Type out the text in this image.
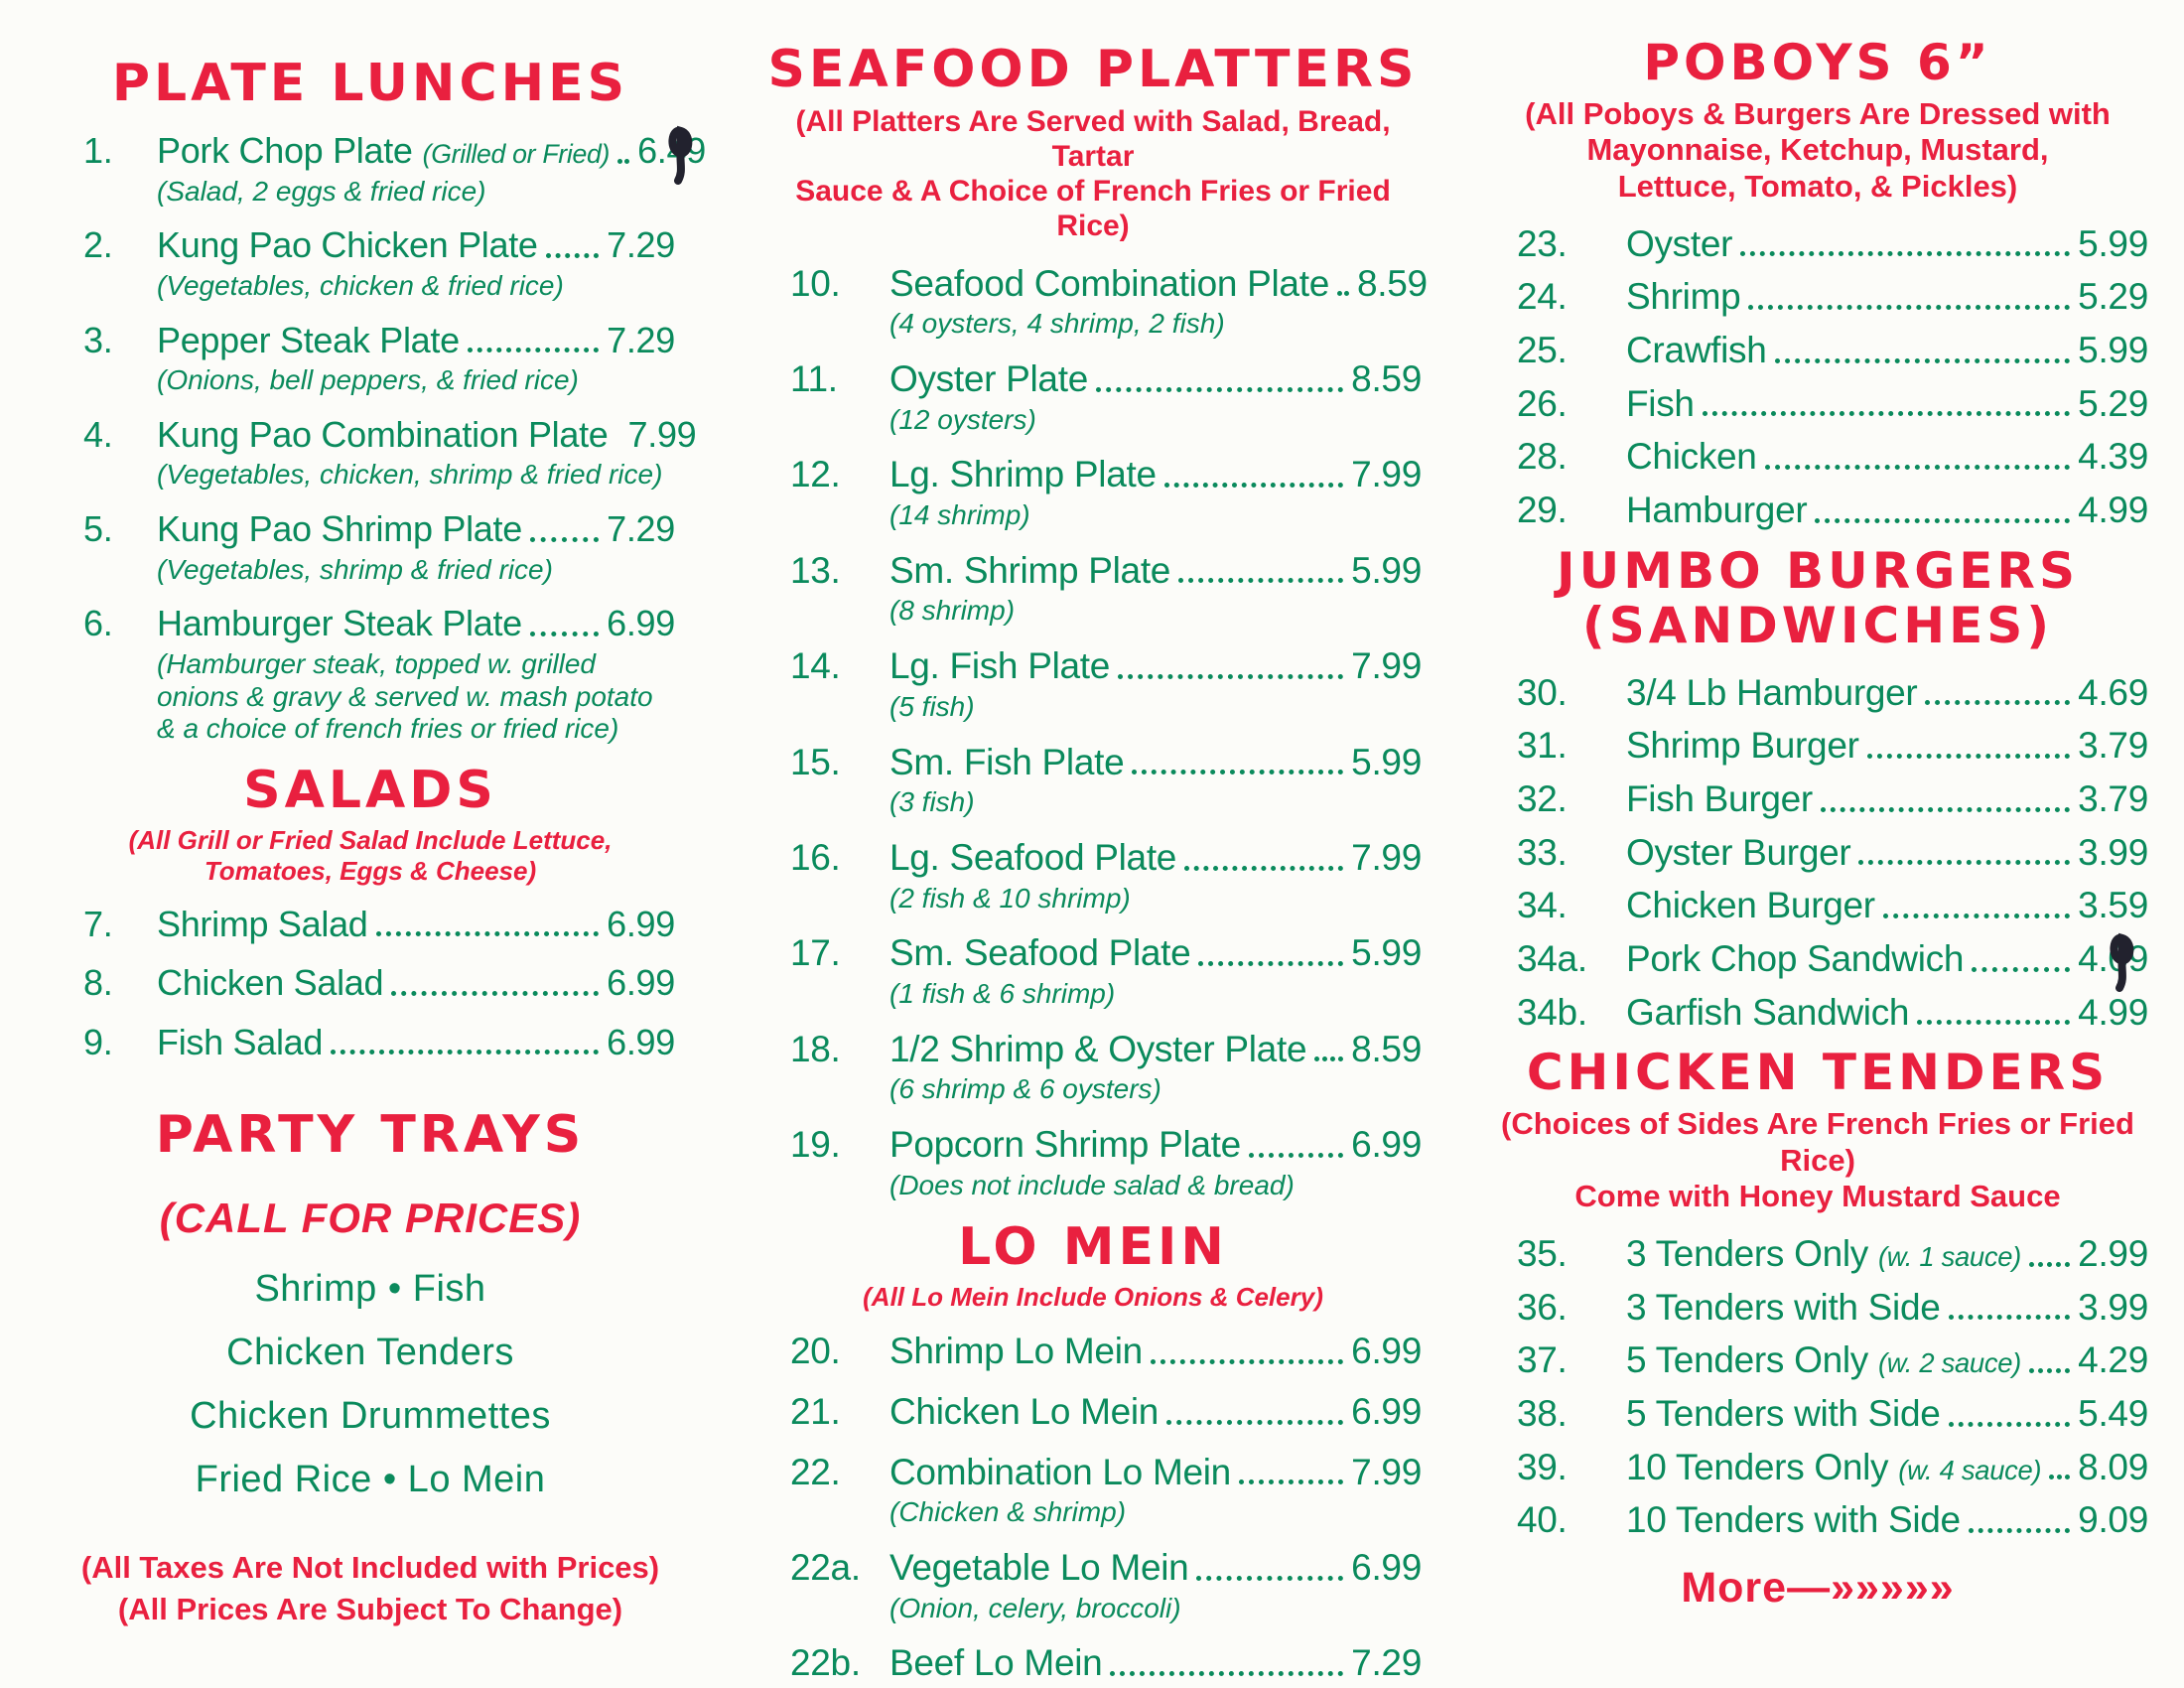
PLATE LUNCHES
1.	Pork Chop Plate (Grilled or Fried) 6.49
(Salad, 2 eggs & fried rice)
2.	Kung Pao Chicken Plate 7.29
(Vegetables, chicken & fried rice)
3.	Pepper Steak Plate	7.29
(Onions, bell peppers, & fried rice)
4.	Kung Pao Combination Plate 7.99
(Vegetables, chicken, shrimp & fried rice)
5.	Kung Pao Shrimp Plate 7.29
(Vegetables, shrimp & fried rice)
6.	Hamburger Steak Plate 6.99
(Hamburger steak, topped w. grilled onions & gravy & served w. mash potato & a choice of french fries or fried rice)
SALADS
(All Grill or Fried Salad Include Lettuce,
Tomatoes, Eggs & Cheese)
7.	Shrimp Salad	6.99
8.	Chicken Salad	6.99
9.	Fish Salad	6.99
PARTY TRAYS
(CALL FOR PRICES)
Shrimp • Fish
Chicken Tenders
Chicken Drummettes
Fried Rice • Lo Mein
(All Taxes Are Not Included with Prices)
(All Prices Are Subject To Change)
SEAFOOD PLATTERS
(All Platters Are Served with Salad, Bread, Tartar
Sauce & A Choice of French Fries or Fried Rice)
10.	Seafood Combination Plate 8.59
(4 oysters, 4 shrimp, 2 fish)
11.	Oyster Plate	8.59
(12 oysters)
12.	Lg. Shrimp Plate	7.99
(14 shrimp)
13.	Sm. Shrimp Plate	5.99
(8 shrimp)
14.	Lg. Fish Plate	7.99
(5 fish)
15.	Sm. Fish Plate	5.99
(3 fish)
16.	Lg. Seafood Plate	7.99
(2 fish & 10 shrimp)
17.	Sm. Seafood Plate	5.99
(1 fish & 6 shrimp)
18.	1/2 Shrimp & Oyster Plate 8.59
(6 shrimp & 6 oysters)
19.	Popcorn Shrimp Plate	6.99
(Does not include salad & bread)
LO MEIN
(All Lo Mein Include Onions & Celery)
20.	Shrimp Lo Mein	6.99
21.	Chicken Lo Mein	6.99
22.	Combination Lo Mein	7.99
(Chicken & shrimp)
22a. Vegetable Lo Mein	6.99
(Onion, celery, broccoli)
22b. Beef Lo Mein	7.29
POBOYS 6”
(All Poboys & Burgers Are Dressed with
Mayonnaise, Ketchup, Mustard,
Lettuce, Tomato, & Pickles)
23.	Oyster	5.99
24.	Shrimp	5.29
25.	Crawfish	5.99
26.	Fish	5.29
28.	Chicken	4.39
29.	Hamburger	4.99
JUMBO BURGERS
(SANDWICHES)
30.	3/4 Lb Hamburger	4.69
31.	Shrimp Burger	3.79
32.	Fish Burger	3.79
33.	Oyster Burger	3.99
34.	Chicken Burger	3.59
34a.	Pork Chop Sandwich	4.09
34b.	Garfish Sandwich	4.99
CHICKEN TENDERS
(Choices of Sides Are French Fries or Fried Rice)
Come with Honey Mustard Sauce
35.	3 Tenders Only (w. 1 sauce) 2.99
36.	3 Tenders with Side	3.99
37.	5 Tenders Only (w. 2 sauce) 4.29
38.	5 Tenders with Side	5.49
39.	10 Tenders Only (w. 4 sauce) 8.09
40.	10 Tenders with Side	9.09
More—»»»»»
